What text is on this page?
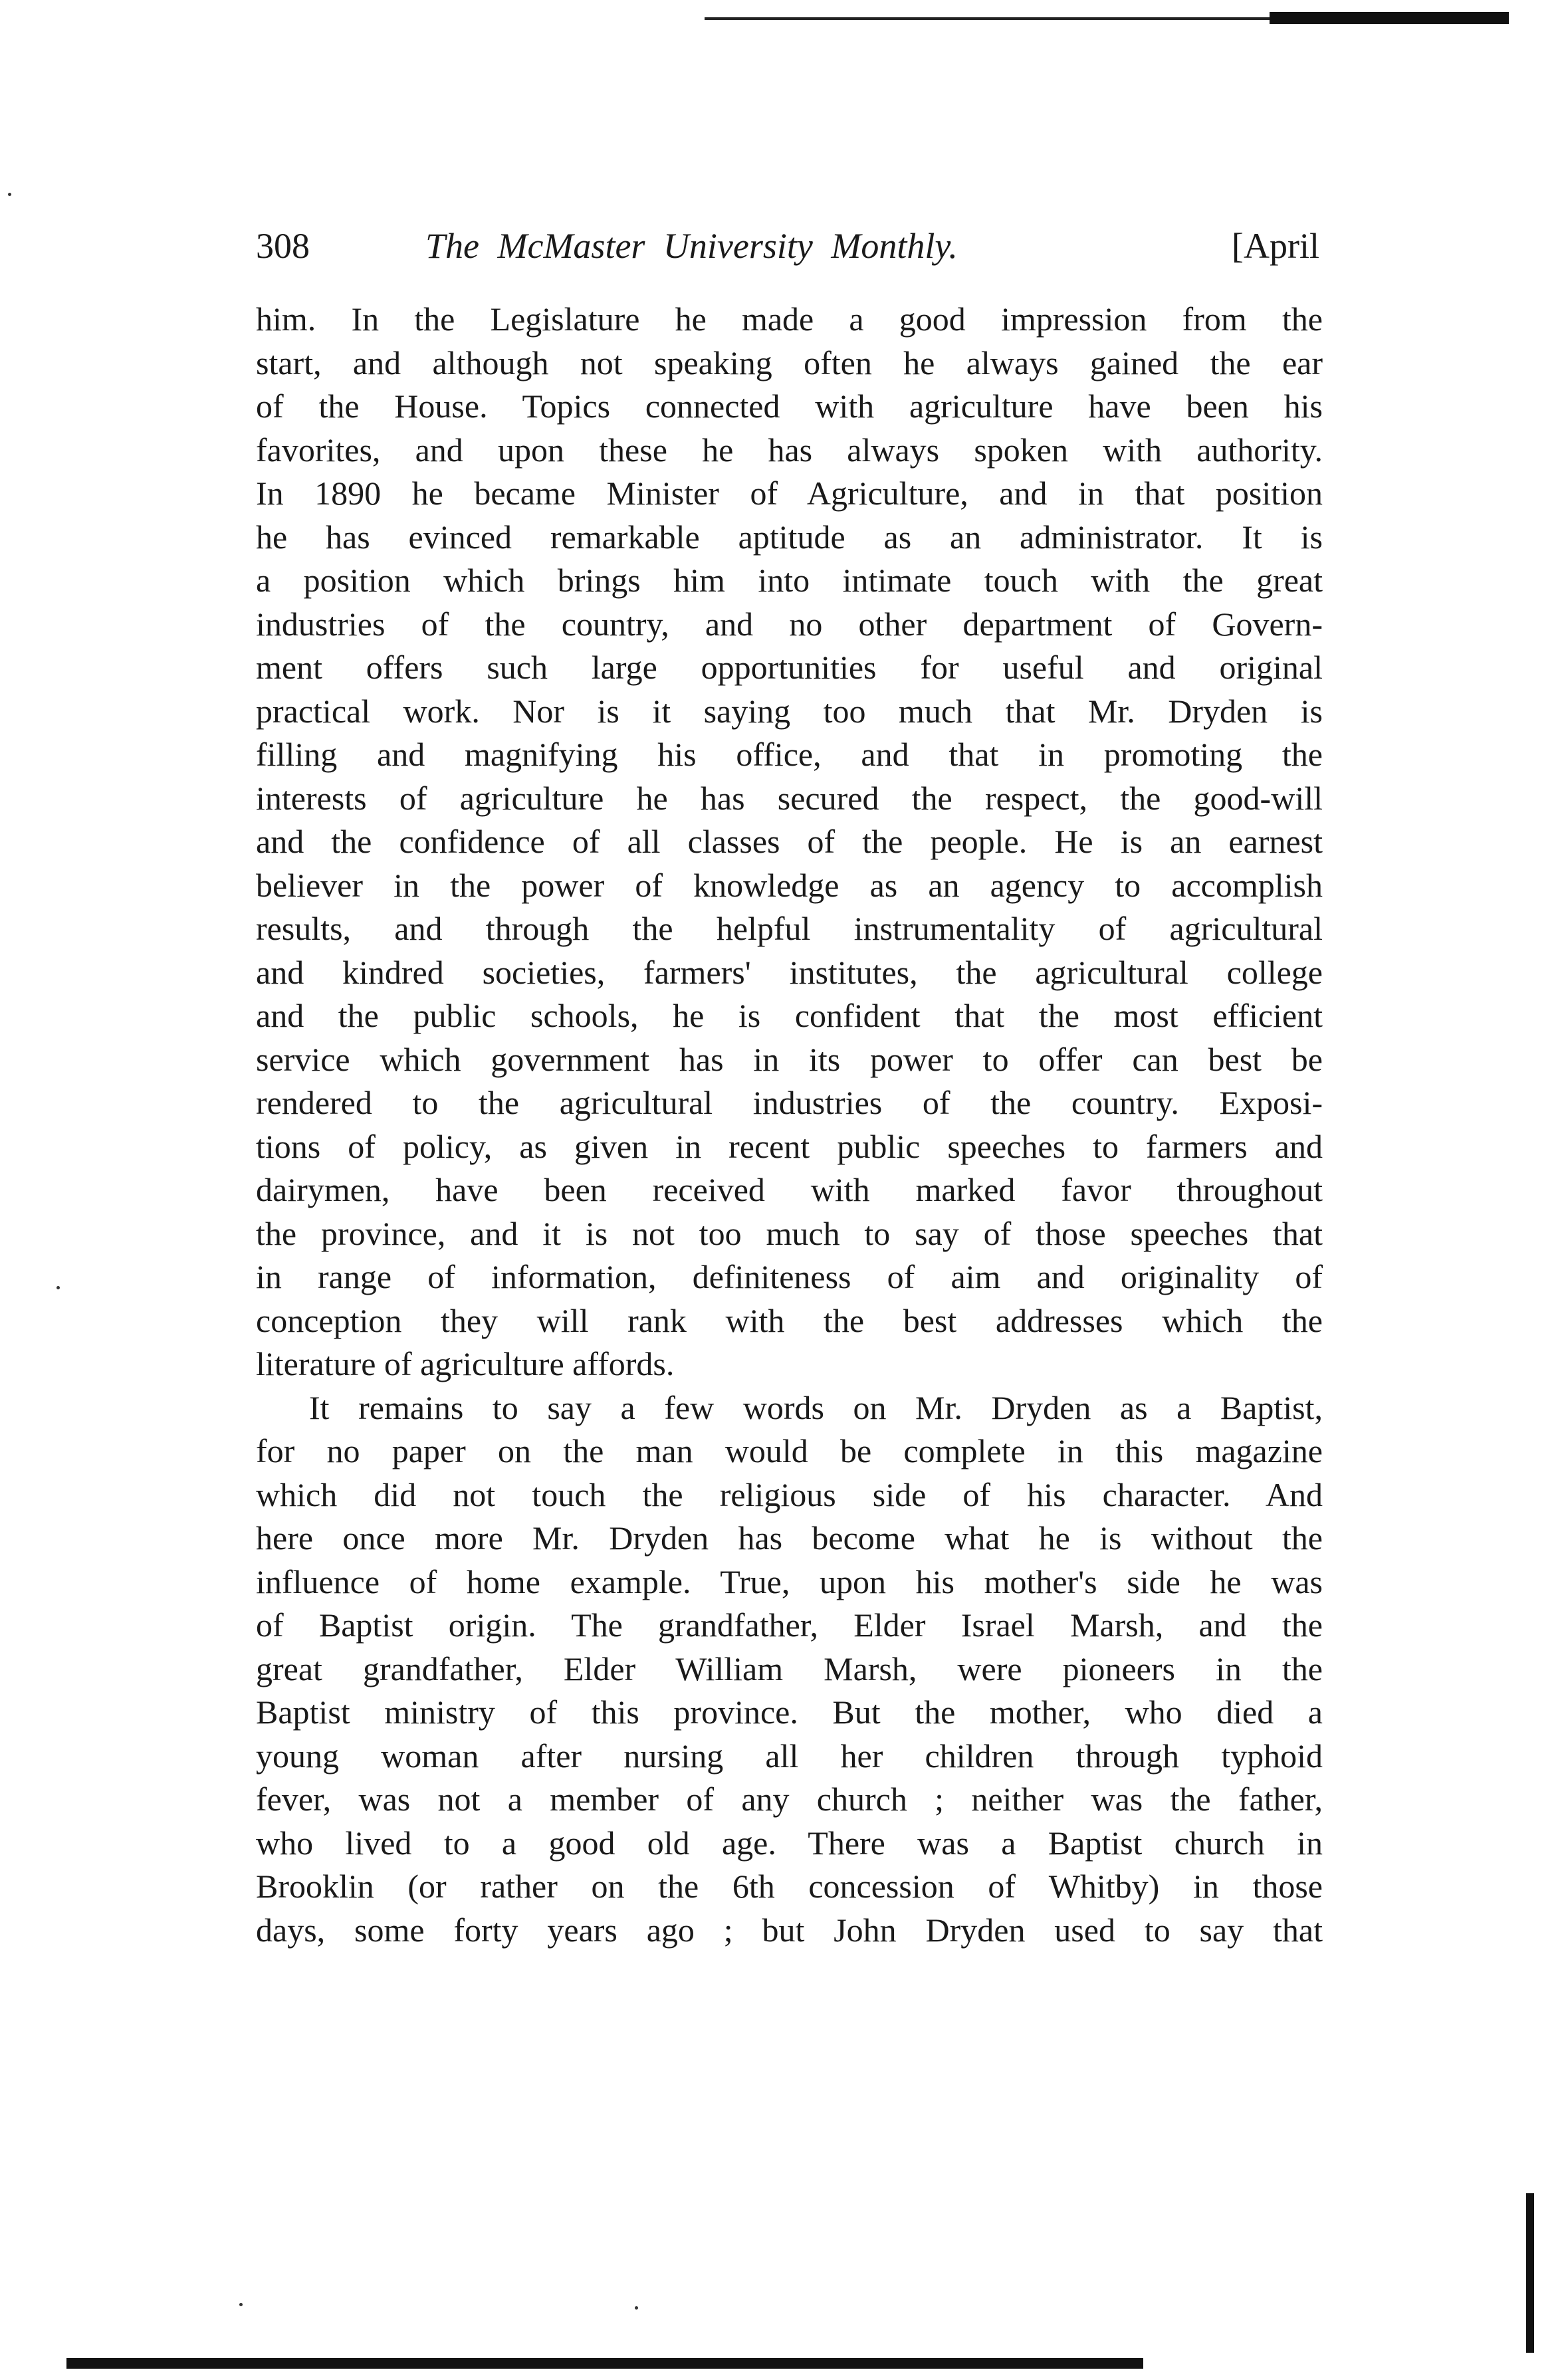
308	The McMaster University Monthly.	[April

him. In the Legislature he made a good impression from the
start, and although not speaking often he always gained the ear
of the House. Topics connected with agriculture have been his
favorites, and upon these he has always spoken with authority.
In 1890 he became Minister of Agriculture, and in that position
he has evinced remarkable aptitude as an administrator. It is
a position which brings him into intimate touch with the great
industries of the country, and no other department of Govern-
ment offers such large opportunities for useful and original
practical work. Nor is it saying too much that Mr. Dryden is
filling and magnifying his office, and that in promoting the
interests of agriculture he has secured the respect, the good-will
and the confidence of all classes of the people. He is an earnest
believer in the power of knowledge as an agency to accomplish
results, and through the helpful instrumentality of agricultural
and kindred societies, farmers' institutes, the agricultural college
and the public schools, he is confident that the most efficient
service which government has in its power to offer can best be
rendered to the agricultural industries of the country. Exposi-
tions of policy, as given in recent public speeches to farmers and
dairymen, have been received with marked favor throughout
the province, and it is not too much to say of those speeches that
in range of information, definiteness of aim and originality of
conception they will rank with the best addresses which the
literature of agriculture affords.

It remains to say a few words on Mr. Dryden as a Baptist,
for no paper on the man would be complete in this magazine
which did not touch the religious side of his character. And
here once more Mr. Dryden has become what he is without the
influence of home example. True, upon his mother's side he was
of Baptist origin. The grandfather, Elder Israel Marsh, and the
great grandfather, Elder William Marsh, were pioneers in the
Baptist ministry of this province. But the mother, who died a
young woman after nursing all her children through typhoid
fever, was not a member of any church ; neither was the father,
who lived to a good old age. There was a Baptist church in
Brooklin (or rather on the 6th concession of Whitby) in those
days, some forty years ago ; but John Dryden used to say that
